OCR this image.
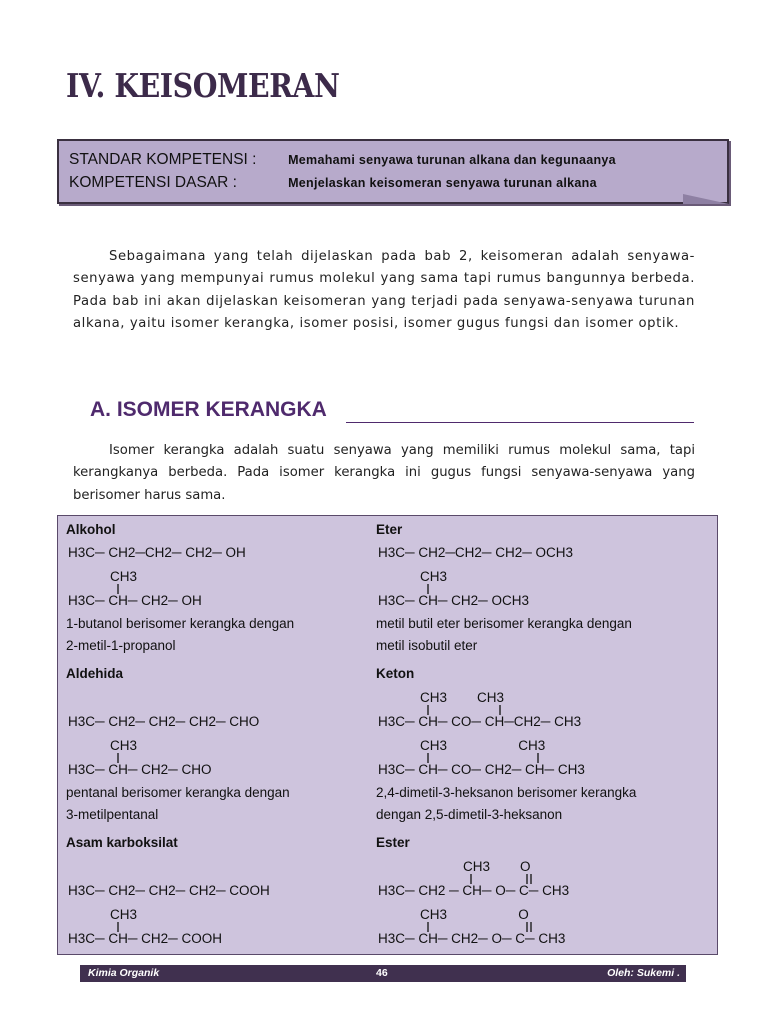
IV. KEISOMERAN
STANDAR KOMPETENSI :	Memahami senyawa turunan alkana dan kegunaanya
KOMPETENSI DASAR :	Menjelaskan keisomeran senyawa turunan alkana

Sebagaimana yang telah dijelaskan pada bab 2, keisomeran adalah senyawa-senyawa yang mempunyai rumus molekul yang sama tapi rumus bangunnya berbeda. Pada bab ini akan dijelaskan keisomeran yang terjadi pada senyawa-senyawa turunan alkana, yaitu isomer kerangka, isomer posisi, isomer gugus fungsi dan isomer optik.

A. ISOMER KERANGKA

Isomer kerangka adalah suatu senyawa yang memiliki rumus molekul sama, tapi kerangkanya berbeda. Pada isomer kerangka ini gugus fungsi senyawa-senyawa yang berisomer harus sama.

Alkohol
H3C─ CH2─CH2─ CH2─ OH
CH3
H3C─ CH─ CH2─ OH
1-butanol berisomer kerangka dengan
2-metil-1-propanol
Eter
H3C─ CH2─CH2─ CH2─ OCH3
CH3
H3C─ CH─ CH2─ OCH3
metil butil eter berisomer kerangka dengan
metil isobutil eter
Aldehida
H3C─ CH2─ CH2─ CH2─ CHO
CH3
H3C─ CH─ CH2─ CHO
pentanal berisomer kerangka dengan
3-metilpentanal
Keton
CH3        CH3
H3C─ CH─ CO─ CH─CH2─ CH3
CH3                   CH3
H3C─ CH─ CO─ CH2─ CH─ CH3
2,4-dimetil-3-heksanon berisomer kerangka
dengan 2,5-dimetil-3-heksanon
Asam karboksilat
H3C─ CH2─ CH2─ CH2─ COOH
CH3
H3C─ CH─ CH2─ COOH
Ester
CH3        O
H3C─ CH2 ─ CH─ O─ C─ CH3
CH3                   O
H3C─ CH─ CH2─ O─ C─ CH3
Kimia Organik	46	Oleh: Sukemi .
